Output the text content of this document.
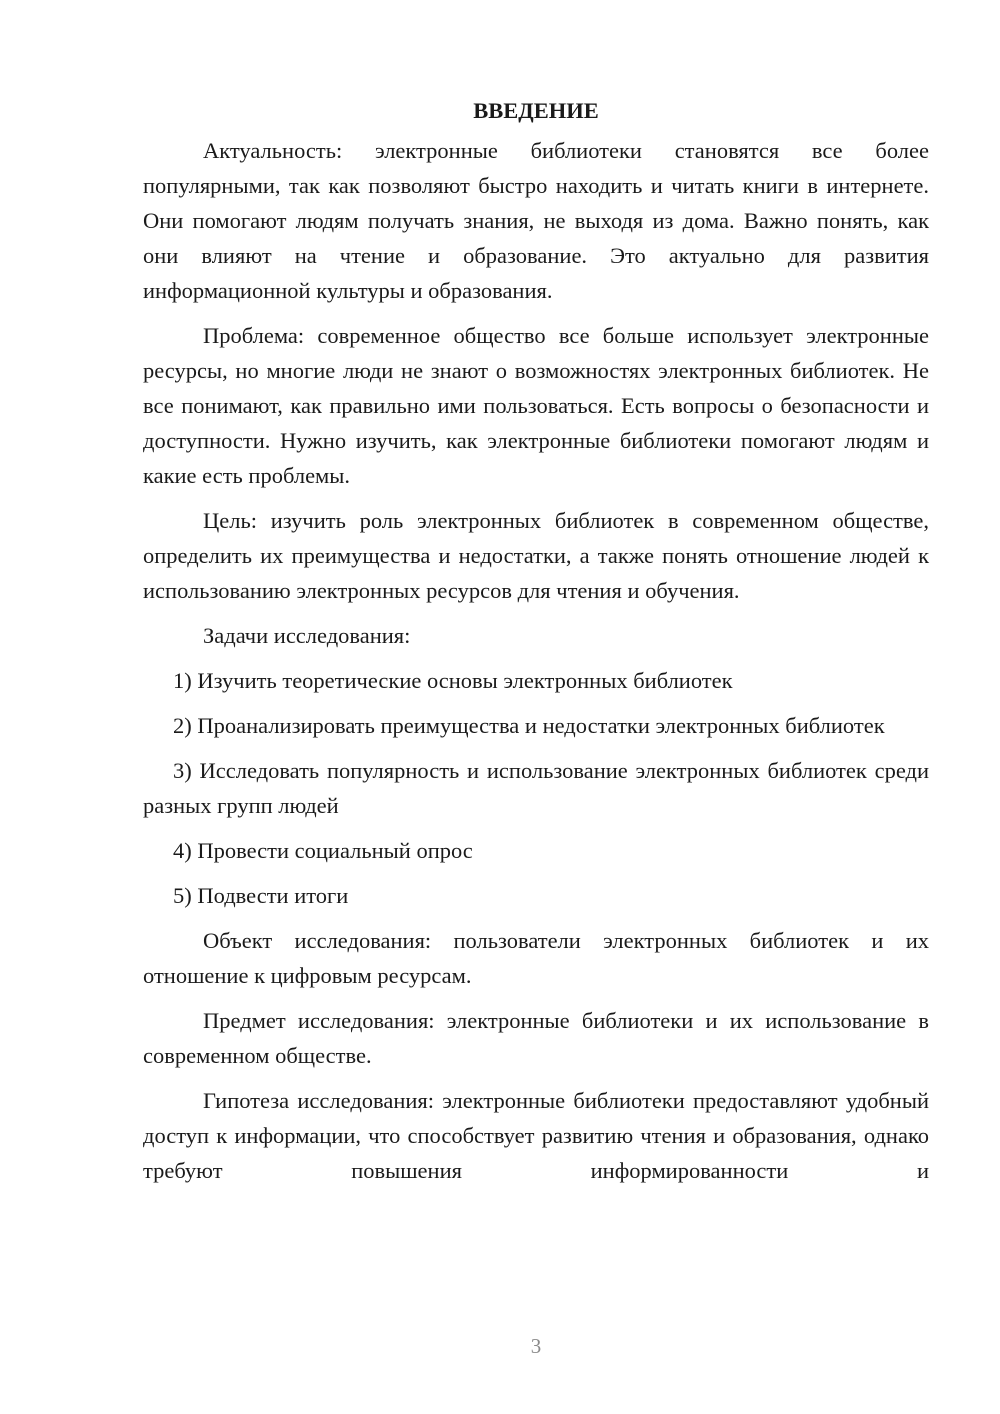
ВВЕДЕНИЕ
Актуальность: электронные библиотеки становятся все более популярными, так как позволяют быстро находить и читать книги в интернете. Они помогают людям получать знания, не выходя из дома. Важно понять, как они влияют на чтение и образование. Это актуально для развития информационной культуры и образования.
Проблема: современное общество все больше использует электронные ресурсы, но многие люди не знают о возможностях электронных библиотек. Не все понимают, как правильно ими пользоваться. Есть вопросы о безопасности и доступности. Нужно изучить, как электронные библиотеки помогают людям и какие есть проблемы.
Цель: изучить роль электронных библиотек в современном обществе, определить их преимущества и недостатки, а также понять отношение людей к использованию электронных ресурсов для чтения и обучения.
Задачи исследования:
1) Изучить теоретические основы электронных библиотек
2) Проанализировать преимущества и недостатки электронных библиотек
3) Исследовать популярность и использование электронных библиотек среди разных групп людей
4) Провести социальный опрос
5) Подвести итоги
Объект исследования: пользователи электронных библиотек и их отношение к цифровым ресурсам.
Предмет исследования: электронные библиотеки и их использование в современном обществе.
Гипотеза исследования: электронные библиотеки предоставляют удобный доступ к информации, что способствует развитию чтения и образования, однако требуют повышения информированности и
3
